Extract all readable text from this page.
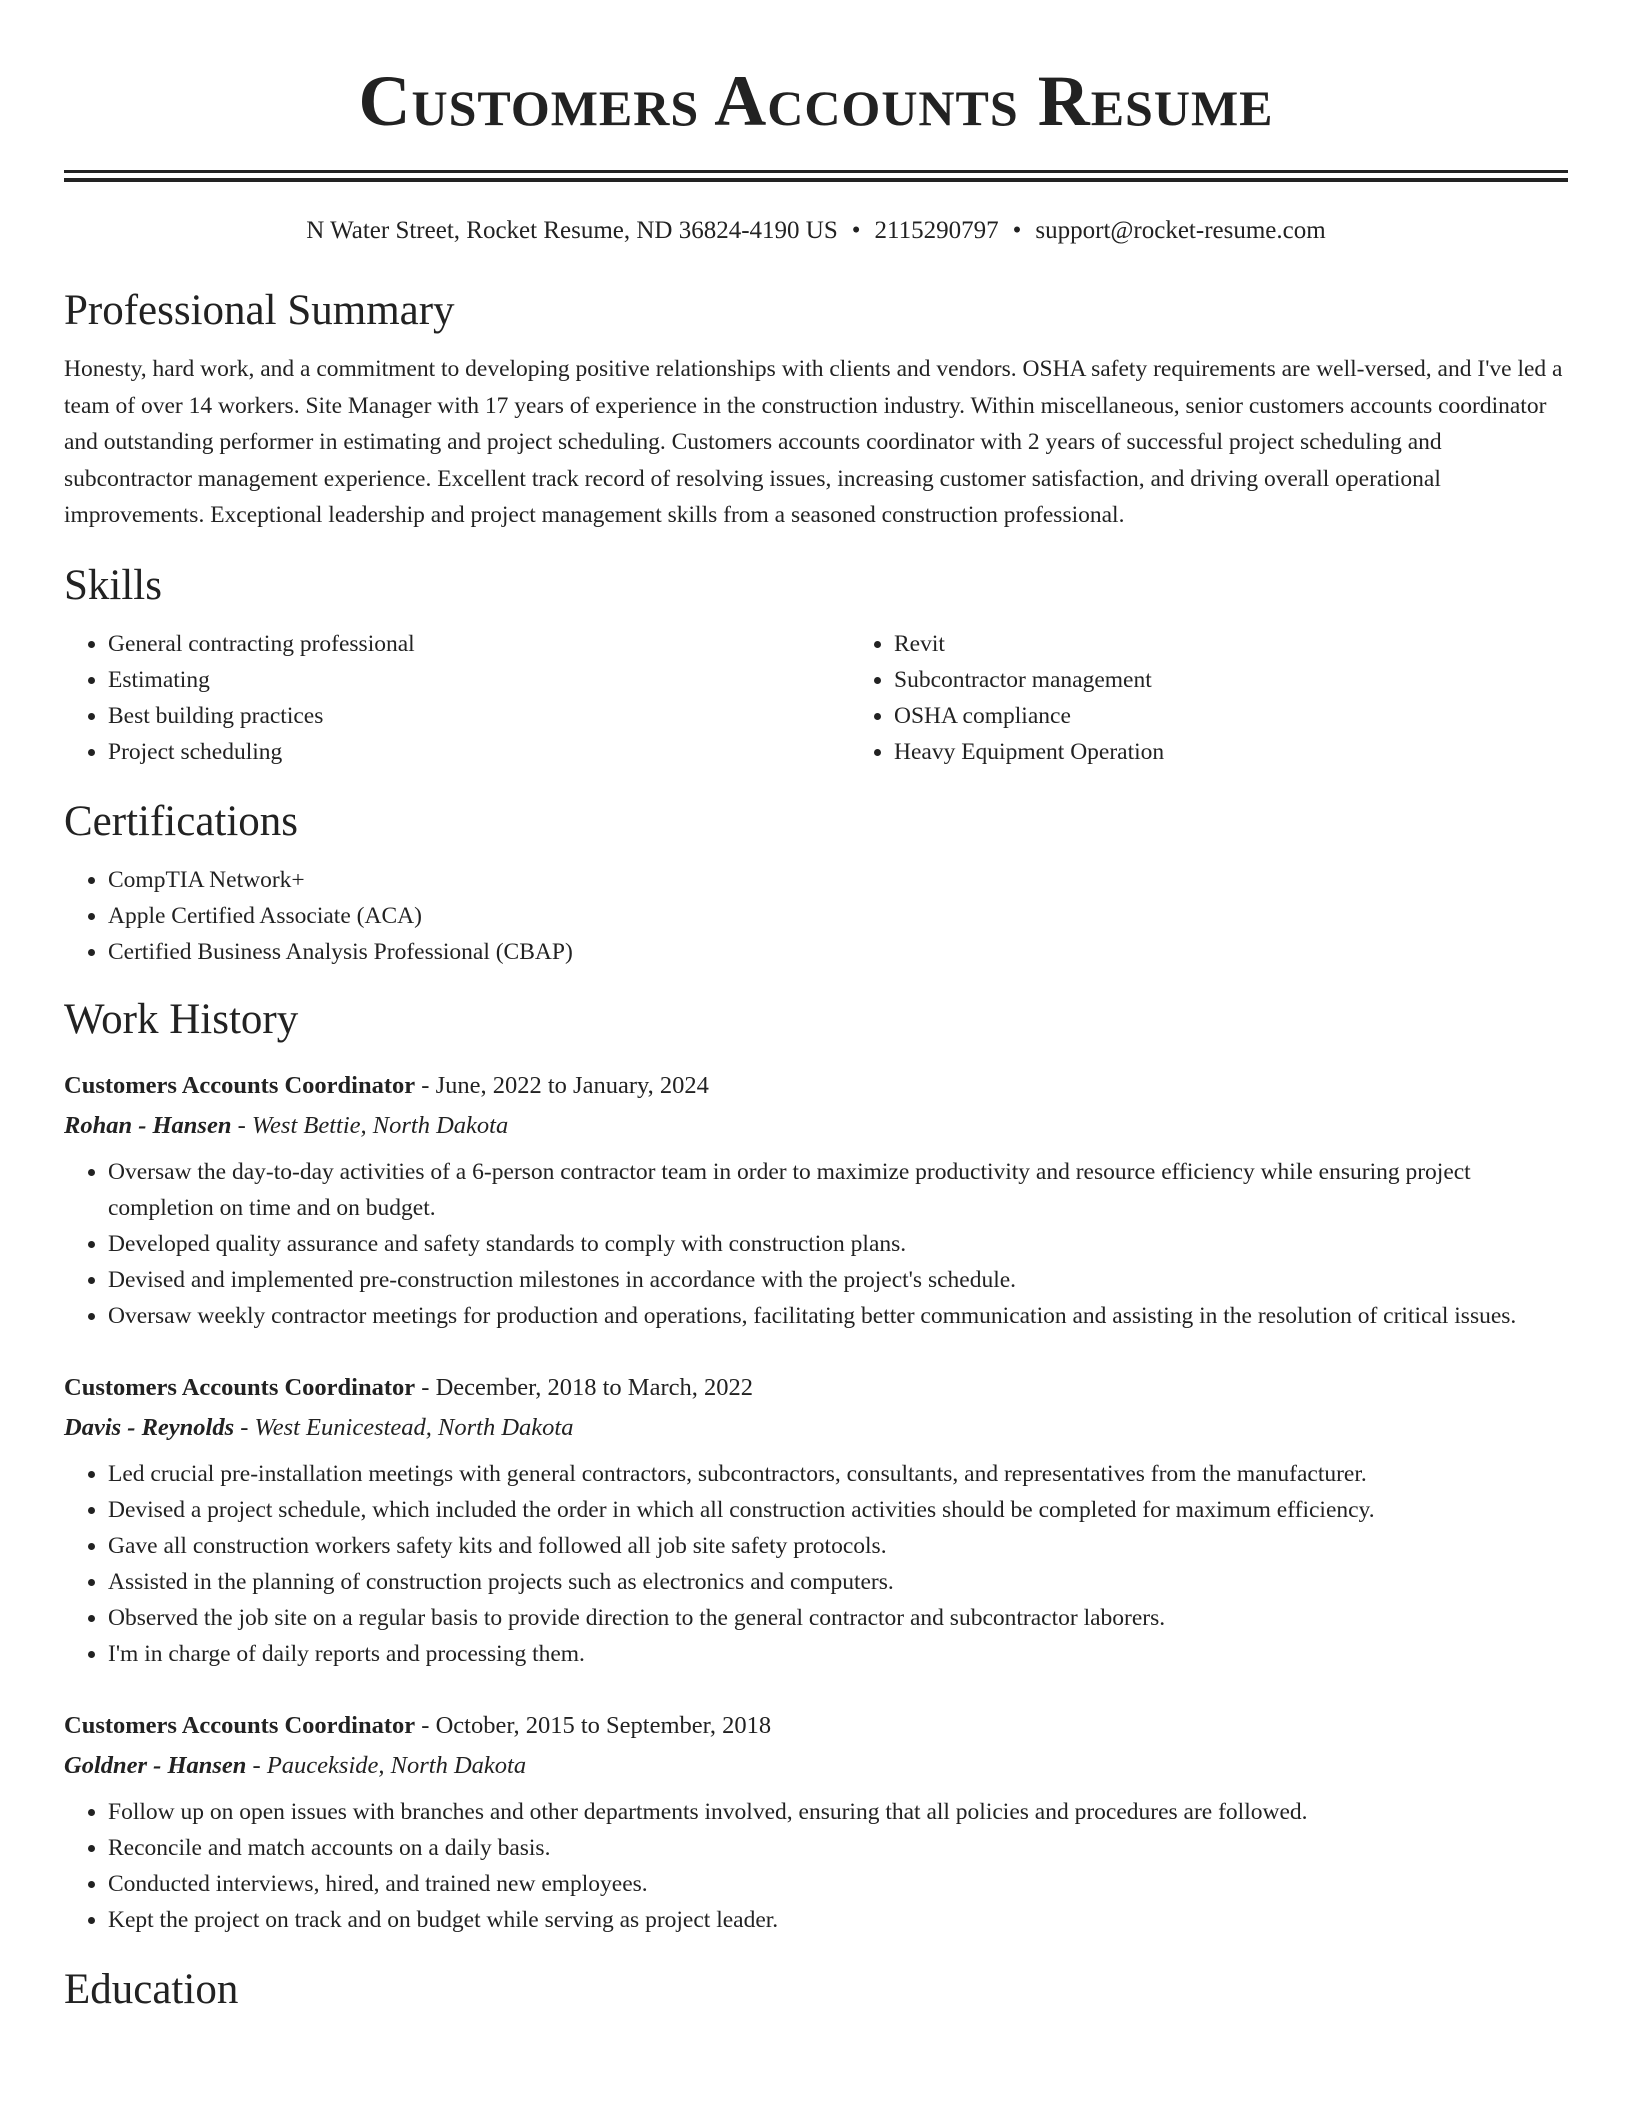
Customers Accounts Resume
N Water Street, Rocket Resume, ND 36824-4190 US • 2115290797 • support@rocket-resume.com
Professional Summary

Honesty, hard work, and a commitment to developing positive relationships with clients and vendors. OSHA safety requirements are well-versed, and I've led a team of over 14 workers. Site Manager with 17 years of experience in the construction industry. Within miscellaneous, senior customers accounts coordinator and outstanding performer in estimating and project scheduling. Customers accounts coordinator with 2 years of successful project scheduling and subcontractor management experience. Excellent track record of resolving issues, increasing customer satisfaction, and driving overall operational improvements. Exceptional leadership and project management skills from a seasoned construction professional.

Skills
• General contracting professional
• Estimating
• Best building practices
• Project scheduling
• Revit
• Subcontractor management
• OSHA compliance
• Heavy Equipment Operation
Certifications
• CompTIA Network+
• Apple Certified Associate (ACA)
• Certified Business Analysis Professional (CBAP)
Work History
Customers Accounts Coordinator - June, 2022 to January, 2024
Rohan - Hansen - West Bettie, North Dakota
• Oversaw the day-to-day activities of a 6-person contractor team in order to maximize productivity and resource efficiency while ensuring project completion on time and on budget.
• Developed quality assurance and safety standards to comply with construction plans.
• Devised and implemented pre-construction milestones in accordance with the project's schedule.
• Oversaw weekly contractor meetings for production and operations, facilitating better communication and assisting in the resolution of critical issues.
Customers Accounts Coordinator - December, 2018 to March, 2022
Davis - Reynolds - West Eunicestead, North Dakota
• Led crucial pre-installation meetings with general contractors, subcontractors, consultants, and representatives from the manufacturer.
• Devised a project schedule, which included the order in which all construction activities should be completed for maximum efficiency.
• Gave all construction workers safety kits and followed all job site safety protocols.
• Assisted in the planning of construction projects such as electronics and computers.
• Observed the job site on a regular basis to provide direction to the general contractor and subcontractor laborers.
• I'm in charge of daily reports and processing them.
Customers Accounts Coordinator - October, 2015 to September, 2018
Goldner - Hansen - Paucekside, North Dakota
• Follow up on open issues with branches and other departments involved, ensuring that all policies and procedures are followed.
• Reconcile and match accounts on a daily basis.
• Conducted interviews, hired, and trained new employees.
• Kept the project on track and on budget while serving as project leader.
Education
